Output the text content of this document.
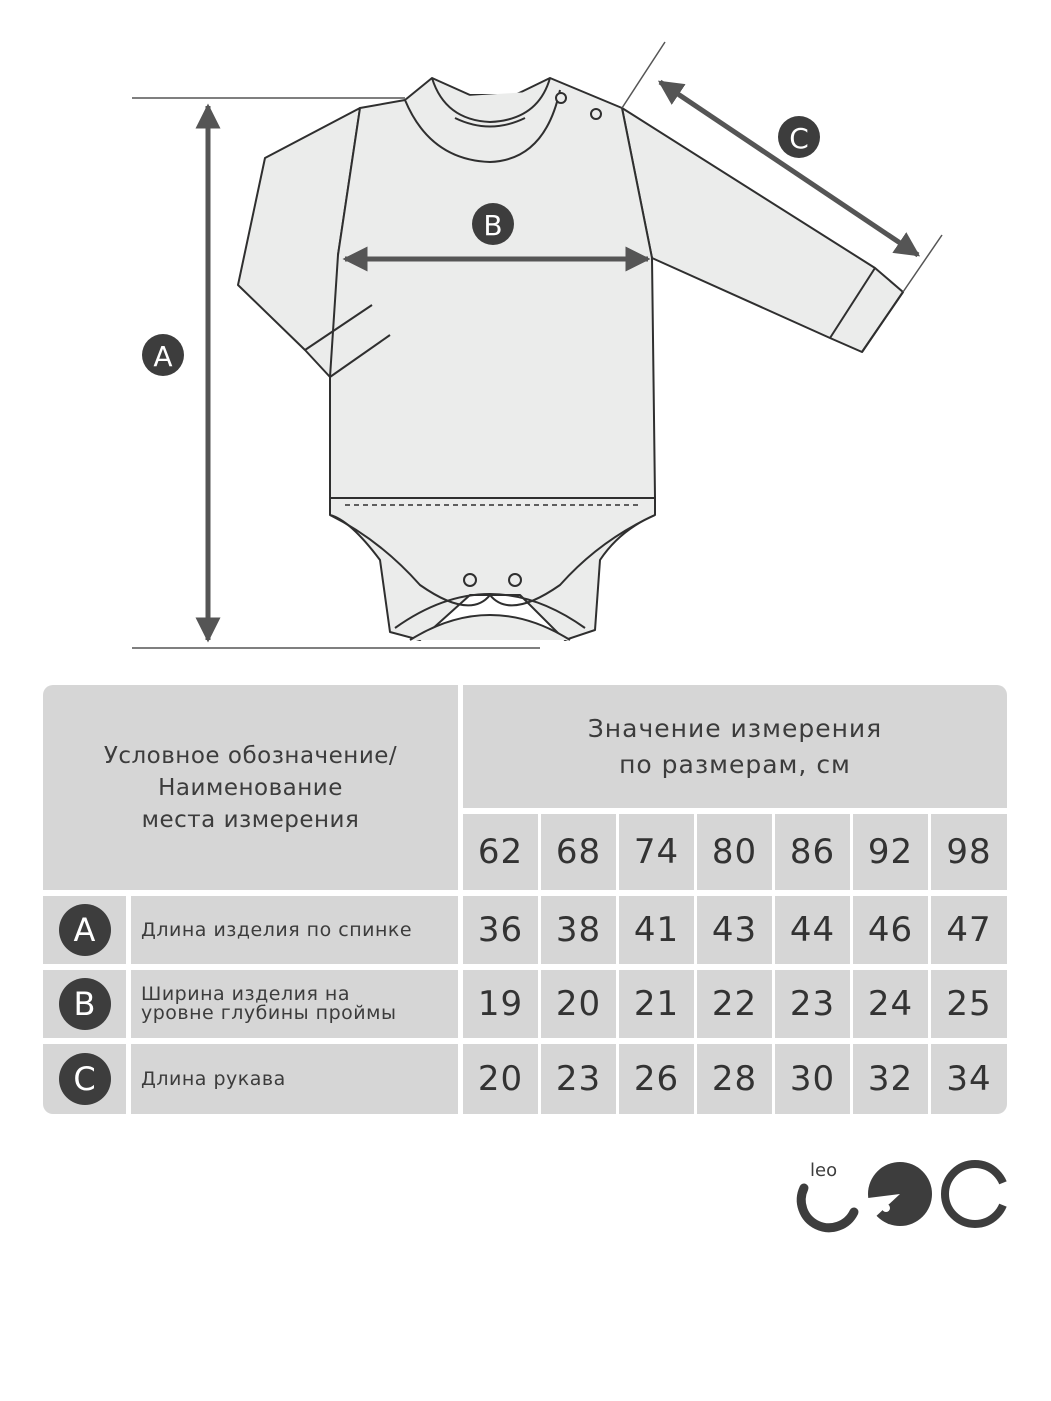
A
B
C
Условное обозначение/
Наименование
места измерения
Значение измерения
по размерам, см
62 68 74 80 86 92 98
A	Длина изделия по спинке 36 38 41 43 44 46 47
B	Ширина изделия на
уровне глубины проймы 19 20 21 22 23 24 25
C	Длина рукава	20 23 26 28 30 32 34
leo
